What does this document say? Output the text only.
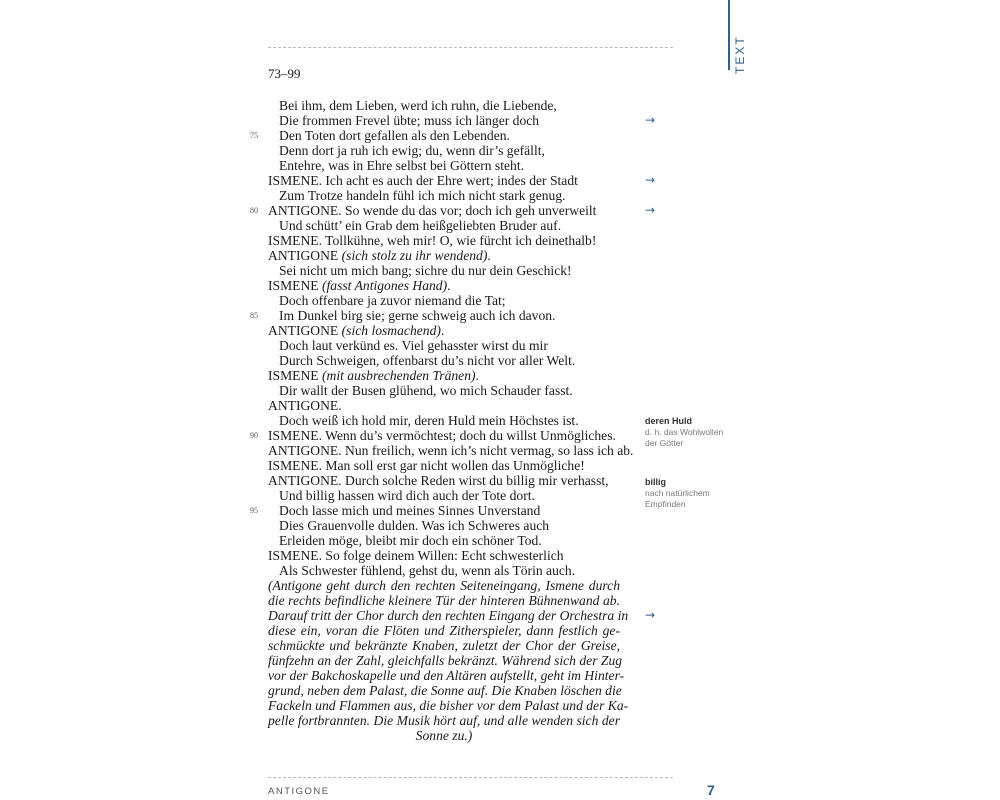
TEXT
73–99
Bei ihm, dem Lieben, werd ich ruhn, die Liebende,
Die frommen Frevel übte; muss ich länger doch	→
75 Den Toten dort gefallen als den Lebenden.
Denn dort ja ruh ich ewig; du, wenn dir’s gefällt,
Entehre, was in Ehre selbst bei Göttern steht.
ISMENE. Ich acht es auch der Ehre wert; indes der Stadt	→
Zum Trotze handeln fühl ich mich nicht stark genug.
80 ANTIGONE. So wende du das vor; doch ich geh unverweilt	→
Und schütt’ ein Grab dem heißgeliebten Bruder auf.
ISMENE. Tollkühne, weh mir! O, wie fürcht ich deinethalb!
ANTIGONE (sich stolz zu ihr wendend).
Sei nicht um mich bang; sichre du nur dein Geschick!
ISMENE (fasst Antigones Hand).
Doch offenbare ja zuvor niemand die Tat;
85 Im Dunkel birg sie; gerne schweig auch ich davon.
ANTIGONE (sich losmachend).
Doch laut verkünd es. Viel gehasster wirst du mir
Durch Schweigen, offenbarst du’s nicht vor aller Welt.
ISMENE (mit ausbrechenden Tränen).
Dir wallt der Busen glühend, wo mich Schauder fasst.
ANTIGONE.
Doch weiß ich hold mir, deren Huld mein Höchstes ist.
90 ISMENE. Wenn du’s vermöchtest; doch du willst Unmögliches.
ANTIGONE. Nun freilich, wenn ich’s nicht vermag, so lass ich ab.
ISMENE. Man soll erst gar nicht wollen das Unmögliche!
ANTIGONE. Durch solche Reden wirst du billig mir verhasst,
Und billig hassen wird dich auch der Tote dort.
95 Doch lasse mich und meines Sinnes Unverstand
Dies Grauenvolle dulden. Was ich Schweres auch
Erleiden möge, bleibt mir doch ein schöner Tod.
ISMENE. So folge deinem Willen: Echt schwesterlich
Als Schwester fühlend, gehst du, wenn als Törin auch.
(Antigone geht durch den rechten Seiteneingang, Ismene durch
die rechts befindliche kleinere Tür der hinteren Bühnenwand ab.
Darauf tritt der Chor durch den rechten Eingang der Orchestra in →
diese ein, voran die Flöten und Zitherspieler, dann festlich ge-
schmückte und bekränzte Knaben, zuletzt der Chor der Greise,
fünfzehn an der Zahl, gleichfalls bekränzt. Während sich der Zug
vor der Bakchoskapelle und den Altären aufstellt, geht im Hinter-
grund, neben dem Palast, die Sonne auf. Die Knaben löschen die
Fackeln und Flammen aus, die bisher vor dem Palast und der Ka-
pelle fortbrannten. Die Musik hört auf, und alle wenden sich der
Sonne zu.)
deren Huld
d. h. das Wohlwollen der Götter
billig
nach natürlichem Empfinden
ANTIGONE	7
